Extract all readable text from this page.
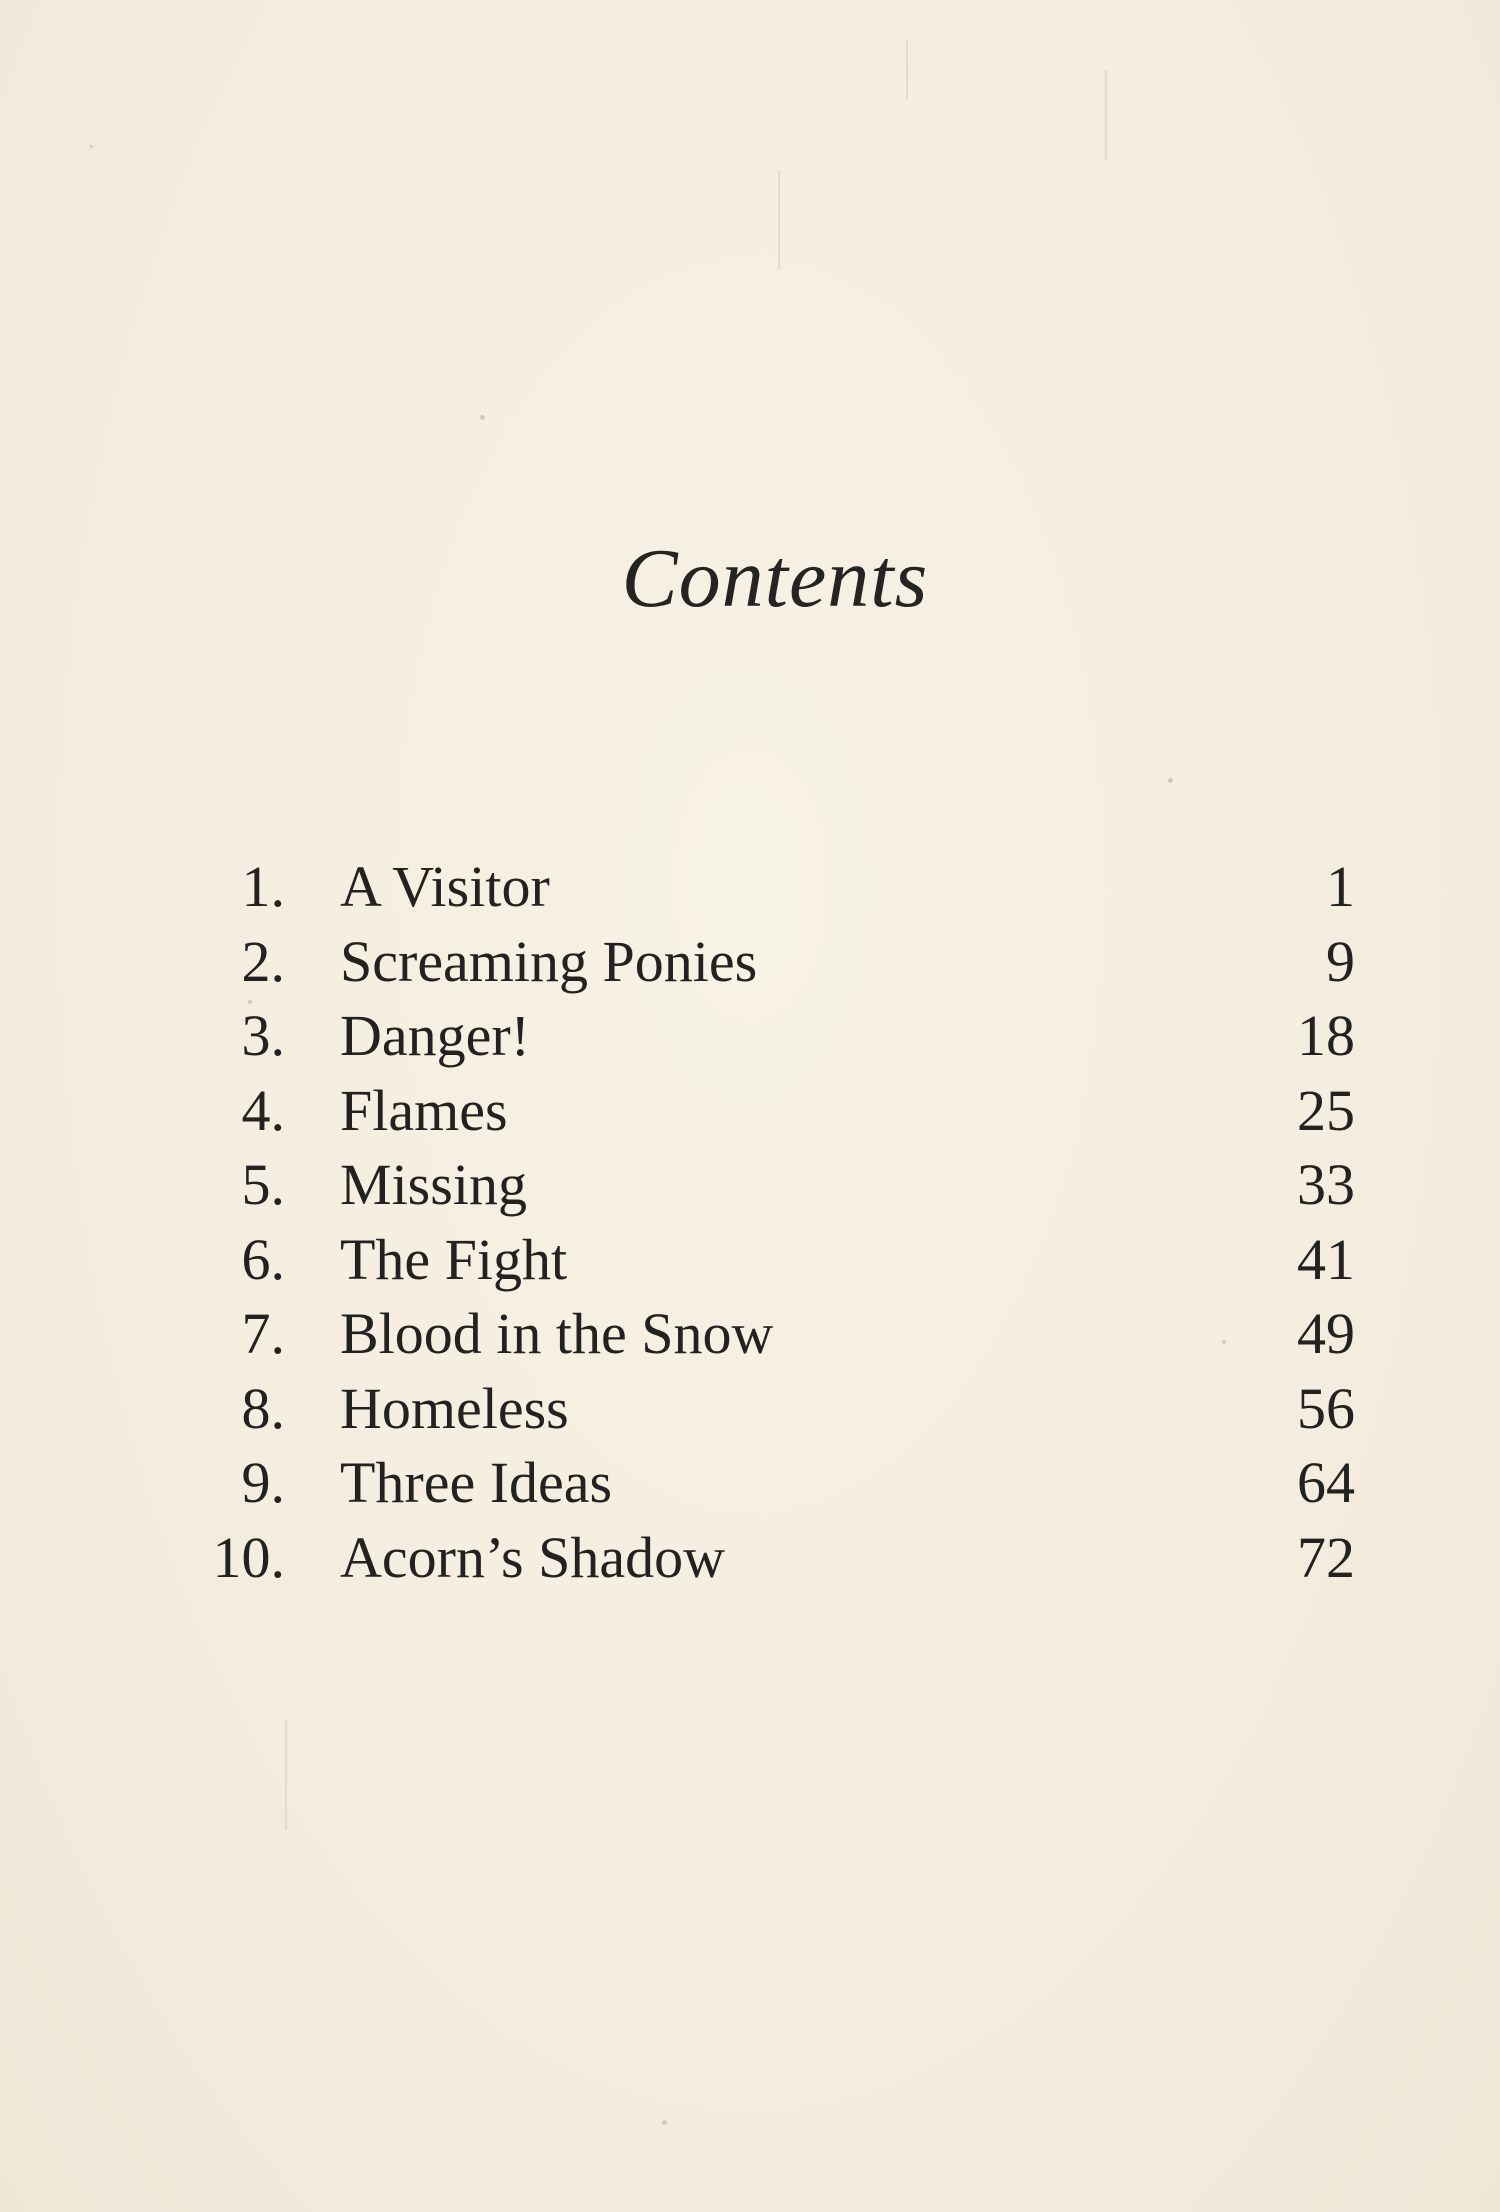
Contents
1. A Visitor	1
2. Screaming Ponies	9
3. Danger!	18
4. Flames	25
5. Missing	33
6. The Fight	41
7. Blood in the Snow	49
8. Homeless	56
9. Three Ideas	64
10. Acorn’s Shadow	72
